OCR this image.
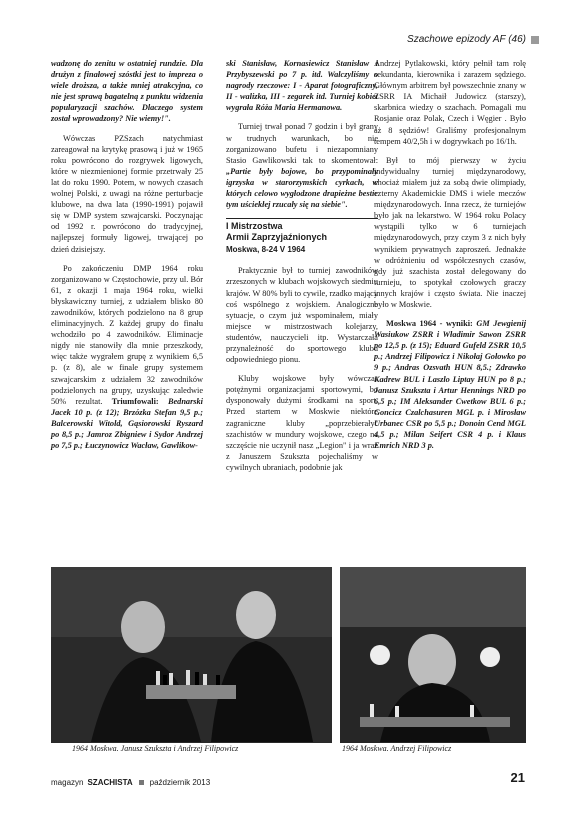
Szachowe epizody AF (46)

wadzonę do zenitu w ostatniej rundzie. Dla drużyn z finałowej szóstki jest to impreza o wiele droższa, a także mniej atrakcyjna, co nie jest sprawą bagatelną z punktu widzenia popularyzacji szachów. Dlaczego system został wprowadzony? Nie wiemy!".

Wówczas PZSzach natychmiast zareagował na krytykę prasową i już w 1965 roku powrócono do rozgrywek ligowych, które w niezmienionej formie przetrwały 25 lat do roku 1990. Potem, w nowych czasach wolnej Polski, z uwagi na różne perturbacje klubowe, na dwa lata (1990-1991) pojawił się w DMP system szwajcarski. Poczynając od 1992 r. powrócono do tradycyjnej, najlepszej formuły ligowej, trwającej po dzień dzisiejszy.

Po zakończeniu DMP 1964 roku zorganizowano w Częstochowie, przy ul. Bór 61, z okazji 1 maja 1964 roku, wielki błyskawiczny turniej, z udziałem blisko 80 zawodników, których podzielono na 8 grup eliminacyjnych. Z każdej grupy do finału wchodziło po 4 zawodników. Eliminacje nigdy nie stanowiły dla mnie przeszkody, więc także wygrałem grupę z wynikiem 6,5 p. (z 8), ale w finale grupy systemem szwajcarskim z udziałem 32 zawodników podzielonych na grupy, uzyskując zaledwie 50% rezultat. Triumfowali: Bednarski Jacek 10 p. (z 12); Brzózka Stefan 9,5 p.; Balcerowski Witold, Gąsiorowski Ryszard po 8,5 p.; Jamroz Zbigniew i Sydor Andrzej po 7,5 p.; Łuczynowicz Wacław, Gawlikow-

ski Stanisław, Kornasiewicz Stanisław i Przybyszewski po 7 p. itd. Walczyliśmy o nagrody rzeczowe: I - Aparat fotograficzny, II - walizka, III - zegarek itd. Turniej kobiet wygrała Róża Maria Hermanowa.

Turniej trwał ponad 7 godzin i był grany w trudnych warunkach, bo nie zorganizowano bufetu i niezapomniany Stasio Gawlikowski tak to skomentował: „Partie były bojowe, bo przypominały igrzyska w starorzymskich cyrkach, w których celowo wygłodzone drapieżne bestie tym uściekłej rzucały się na siebie".

I Mistrzostwa
Armii Zaprzyjaźnionych
Moskwa, 8-24 V 1964

Praktycznie był to turniej zawodników zrzeszonych w klubach wojskowych siedmiu krajów. W 80% byli to cywile, rzadko mający coś wspólnego z wojskiem. Analogiczne sytuacje, o czym już wspominałem, miały miejsce w mistrzostwach kolejarzy, studentów, nauczycieli itp. Wystarczała przynależność do sportowego klubu odpowiedniego pionu.

Kluby wojskowe były wówczas potężnymi organizacjami sportowymi, bo dysponowały dużymi środkami na sport. Przed startem w Moskwie niektóre zagraniczne kluby „poprzebierały" szachistów w mundury wojskowe, czego na szczęście nie uczynił nasz „Legion" i ja wraz z Januszem Szukszta pojechaliśmy w cywilnych ubraniach, podobnie jak

Andrzej Pytlakowski, który pełnił tam rolę sekundanta, kierownika i zarazem sędziego. Głównym arbitrem był powszechnie znany w ZSRR IA Michaił Judowicz (starszy), skarbnica wiedzy o szachach. Pomagali mu Rosjanie oraz Polak, Czech i Węgier . Było aż 8 sędziów! Graliśmy profesjonalnym tempem 40/2,5h i w dogrywkach po 16/1h.

Był to mój pierwszy w życiu indywidualny turniej międzynarodowy, chociaż miałem już za sobą dwie olimpiady, czterny Akademickie DMS i wiele meczów międzynarodowych. Inna rzecz, że turniejów było jak na lekarstwo. W 1964 roku Polacy wystąpili tylko w 6 turniejach międzynarodowych, przy czym 3 z nich były wynikiem prywatnych zaproszeń. Jednakże w odróżnieniu od współczesnych czasów, gdy już szachista został delegowany do turnieju, to spotykał czołowych graczy innych krajów i często świata. Nie inaczej było w Moskwie.

Moskwa 1964 - wyniki: GM Jewgienij Wasiukow ZSRR i Władimir Sawon ZSRR po 12,5 p. (z 15); Eduard Gufeld ZSRR 10,5 p.; Andrzej Filipowicz i Nikołaj Gołowko po 9 p.; Andras Ozsvath HUN 8,5.; Zdrawko Kadrew BUL i Laszlo Liptay HUN po 8 p.; Janusz Szukszta i Artur Hennings NRD po 6,5 p.; IM Aleksander Cwetkow BUL 6 p.; Goncicz Czalchasuren MGL p. i Mirosław Urbanec CSR po 5,5 p.; Donoin Cend MGL 4,5 p.; Milan Seifert CSR 4 p. i Klaus Emrich NRD 3 p.

1964 Moskwa. Janusz Szukszta i Andrzej Filipowicz	1964 Moskwa. Andrzej Filipowicz
magazyn SZACHISTA październik 2013	21
